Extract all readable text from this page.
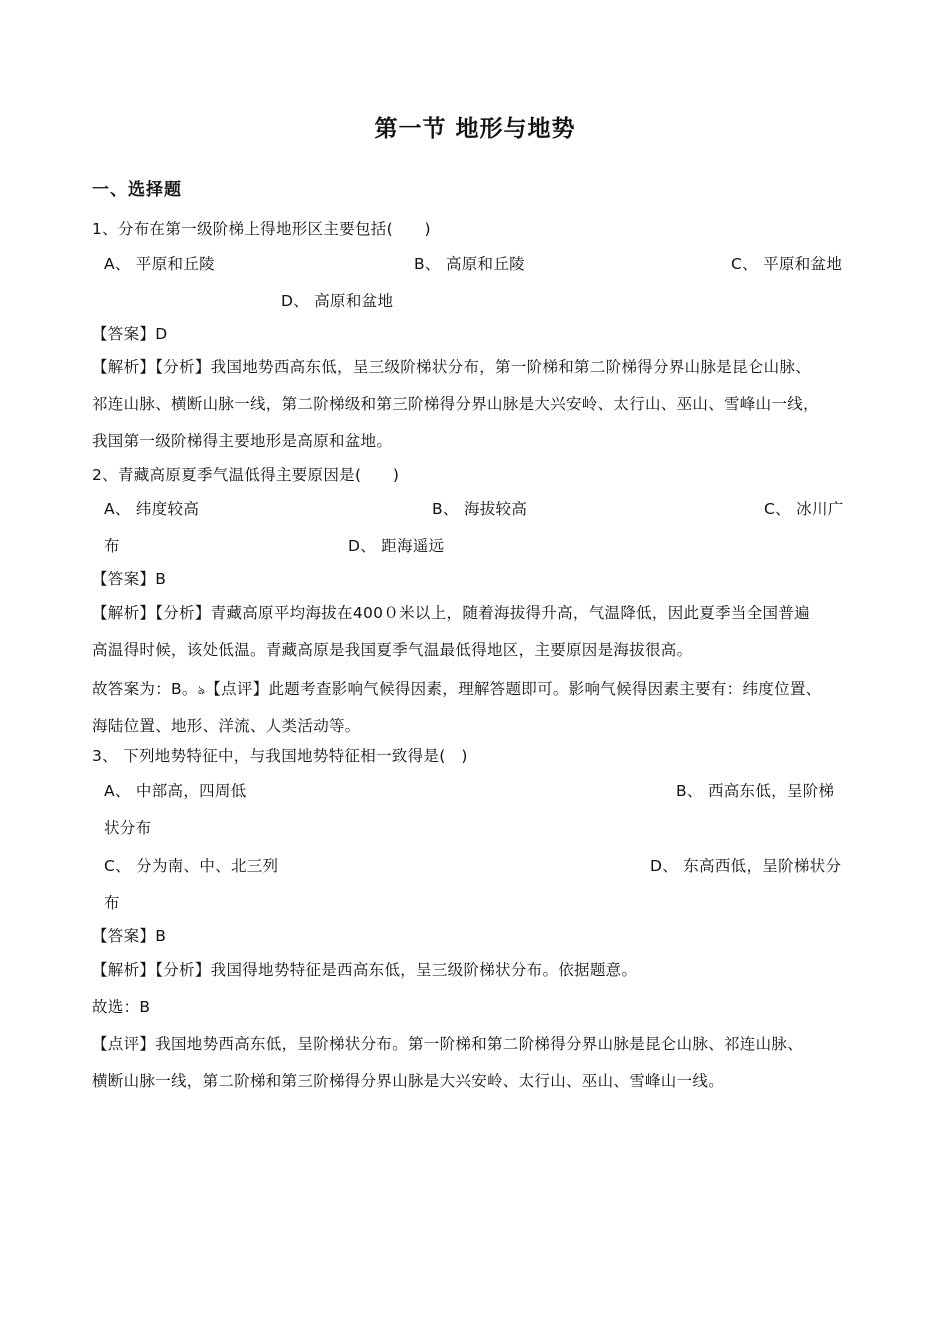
第一节 地形与地势
一、选择题
1、分布在第一级阶梯上得地形区主要包括(　　)
A、 平原和丘陵	B、 高原和丘陵	C、 平原和盆地
D、 高原和盆地
【答案】D
【解析】【分析】我国地势西高东低，呈三级阶梯状分布，第一阶梯和第二阶梯得分界山脉是昆仑山脉、
祁连山脉、横断山脉一线，第二阶梯级和第三阶梯得分界山脉是大兴安岭、太行山、巫山、雪峰山一线，
我国第一级阶梯得主要地形是高原和盆地。
2、青藏高原夏季气温低得主要原因是(　　)
A、 纬度较高	B、 海拔较高	C、 冰川广
布	D、 距海遥远
【答案】B
【解析】【分析】青藏高原平均海拔在400０米以上，随着海拔得升高，气温降低，因此夏季当全国普遍
高温得时候，该处低温。青藏高原是我国夏季气温最低得地区，主要原因是海拔很高。
故答案为：B。ঌ【点评】此题考查影响气候得因素，理解答题即可。影响气候得因素主要有：纬度位置、
海陆位置、地形、洋流、人类活动等。
3、 下列地势特征中，与我国地势特征相一致得是(　)
A、 中部高，四周低	B、 西高东低，呈阶梯
状分布
C、 分为南、中、北三列	D、 东高西低，呈阶梯状分
布
【答案】B
【解析】【分析】我国得地势特征是西高东低，呈三级阶梯状分布。依据题意。
故选：B
【点评】我国地势西高东低，呈阶梯状分布。第一阶梯和第二阶梯得分界山脉是昆仑山脉、祁连山脉、
横断山脉一线，第二阶梯和第三阶梯得分界山脉是大兴安岭、太行山、巫山、雪峰山一线。
